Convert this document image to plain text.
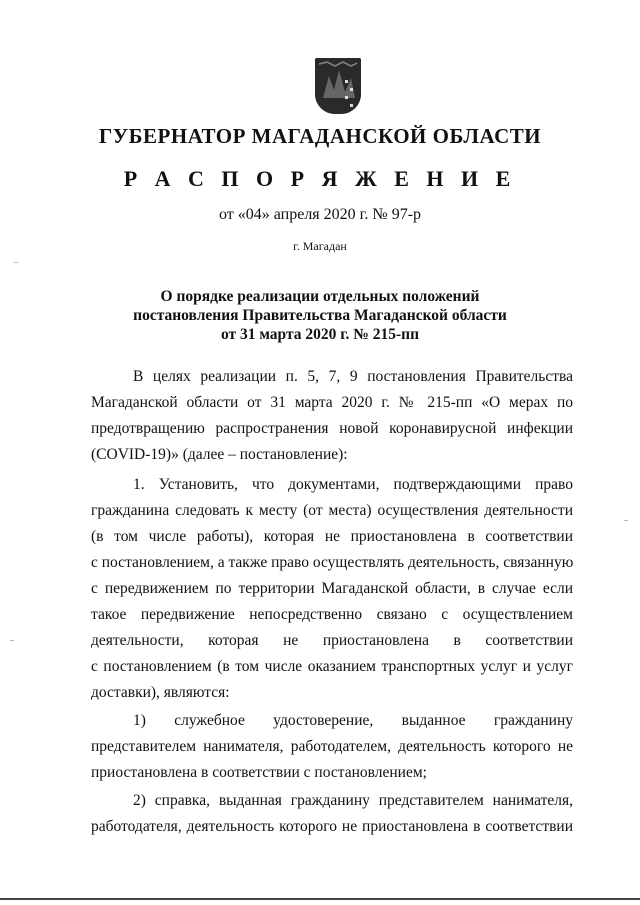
ГУБЕРНАТОР МАГАДАНСКОЙ ОБЛАСТИ
Р А С П О Р Я Ж Е Н И Е
от «04» апреля 2020 г. № 97-р
г. Магадан
О порядке реализации отдельных положений
постановления Правительства Магаданской области
от 31 марта 2020 г. № 215-пп
В целях реализации п. 5, 7, 9 постановления Правительства
Магаданской области от 31 марта 2020 г. № 215-пп «О мерах по
предотвращению распространения новой коронавирусной инфекции
(COVID-19)» (далее – постановление):
1. Установить, что документами, подтверждающими право
гражданина следовать к месту (от места) осуществления деятельности
(в том числе работы), которая не приостановлена в соответствии
с постановлением, а также право осуществлять деятельность, связанную
с передвижением по территории Магаданской области, в случае если
такое передвижение непосредственно связано с осуществлением
деятельности, которая не приостановлена в соответствии
с постановлением (в том числе оказанием транспортных услуг и услуг
доставки), являются:
1) служебное удостоверение, выданное гражданину
представителем нанимателя, работодателем, деятельность которого не
приостановлена в соответствии с постановлением;
2) справка, выданная гражданину представителем нанимателя,
работодателя, деятельность которого не приостановлена в соответствии
